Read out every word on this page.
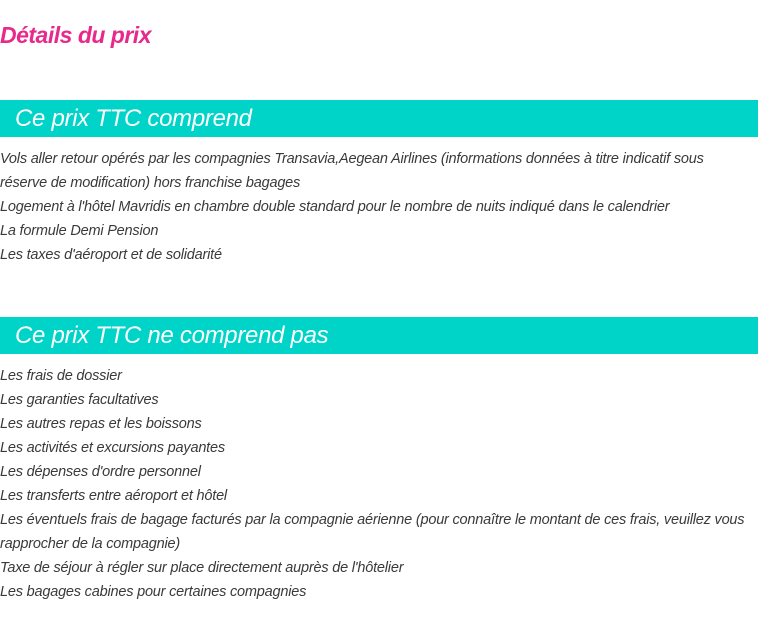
Détails du prix
Ce prix TTC comprend
Vols aller retour opérés par les compagnies Transavia,Aegean Airlines (informations données à titre indicatif sous réserve de modification) hors franchise bagages
Logement à l'hôtel Mavridis en chambre double standard pour le nombre de nuits indiqué dans le calendrier
La formule Demi Pension
Les taxes d'aéroport et de solidarité
Ce prix TTC ne comprend pas
Les frais de dossier
Les garanties facultatives
Les autres repas et les boissons
Les activités et excursions payantes
Les dépenses d'ordre personnel
Les transferts entre aéroport et hôtel
Les éventuels frais de bagage facturés par la compagnie aérienne (pour connaître le montant de ces frais, veuillez vous rapprocher de la compagnie)
Taxe de séjour à régler sur place directement auprès de l'hôtelier
Les bagages cabines pour certaines compagnies
